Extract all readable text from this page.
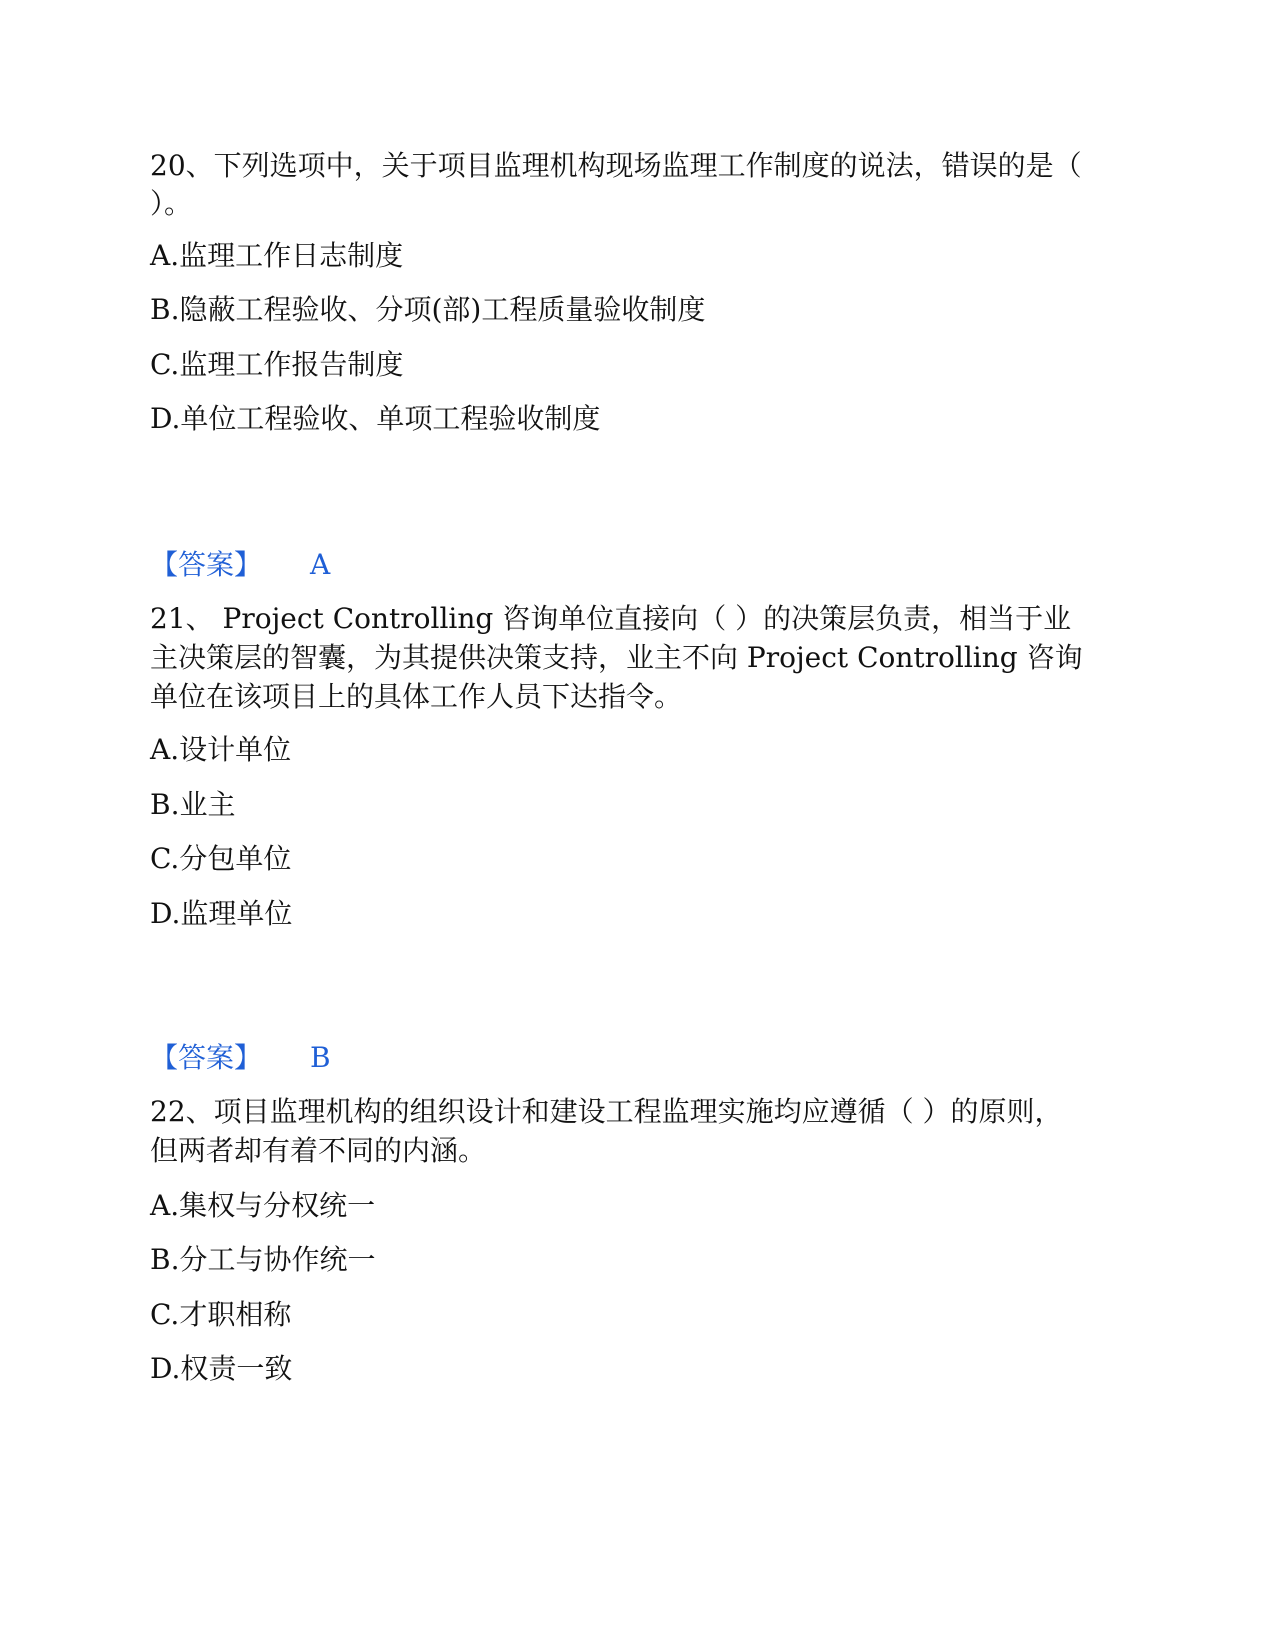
20、下列选项中，关于项目监理机构现场监理工作制度的说法，错误的是（
）。
A.监理工作日志制度
B.隐蔽工程验收、分项(部)工程质量验收制度
C.监理工作报告制度
D.单位工程验收、单项工程验收制度
【答案】 A
21、 Project Controlling 咨询单位直接向（ ）的决策层负责，相当于业
主决策层的智囊，为其提供决策支持，业主不向 Project Controlling 咨询
单位在该项目上的具体工作人员下达指令。
A.设计单位
B.业主
C.分包单位
D.监理单位
【答案】 B
22、项目监理机构的组织设计和建设工程监理实施均应遵循（ ）的原则，
但两者却有着不同的内涵。
A.集权与分权统一
B.分工与协作统一
C.才职相称
D.权责一致
